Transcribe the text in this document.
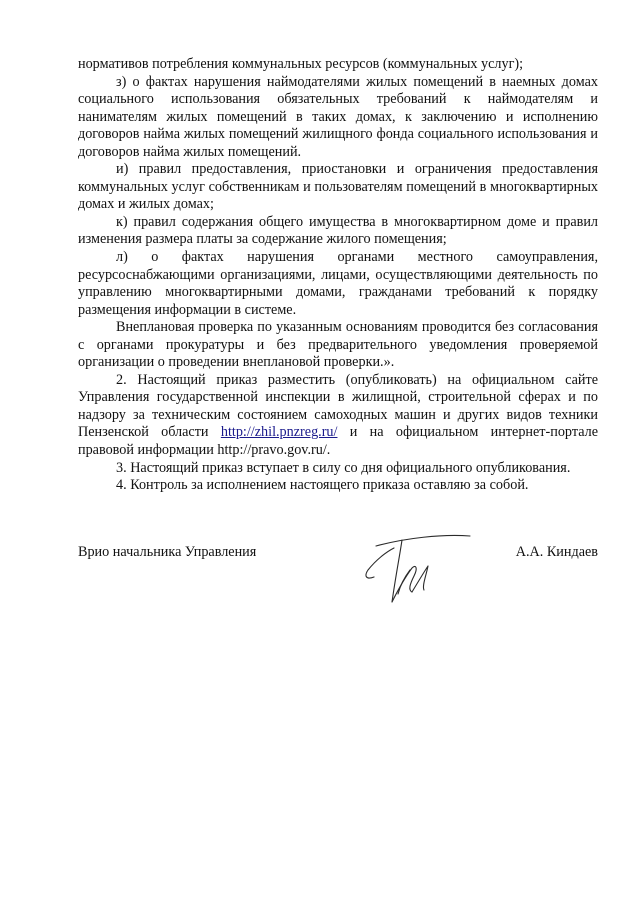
нормативов потребления коммунальных ресурсов (коммунальных услуг);

з) о фактах нарушения наймодателями жилых помещений в наемных домах социального использования обязательных требований к наймодателям и нанимателям жилых помещений в таких домах, к заключению и исполнению договоров найма жилых помещений жилищного фонда социального использования и договоров найма жилых помещений.

и) правил предоставления, приостановки и ограничения предоставления коммунальных услуг собственникам и пользователям помещений в многоквартирных домах и жилых домах;

к) правил содержания общего имущества в многоквартирном доме и правил изменения размера платы за содержание жилого помещения;

л) о фактах нарушения органами местного самоуправления, ресурсоснабжающими организациями, лицами, осуществляющими деятельность по управлению многоквартирными домами, гражданами требований к порядку размещения информации в системе.

Внеплановая проверка по указанным основаниям проводится без согласования с органами прокуратуры и без предварительного уведомления проверяемой организации о проведении внеплановой проверки.».

2. Настоящий приказ разместить (опубликовать) на официальном сайте Управления государственной инспекции в жилищной, строительной сферах и по надзору за техническим состоянием самоходных машин и других видов техники Пензенской области http://zhil.pnzreg.ru/ и на официальном интернет-портале правовой информации http://pravo.gov.ru/.

3. Настоящий приказ вступает в силу со дня официального опубликования.

4. Контроль за исполнением настоящего приказа оставляю за собой.

Врио начальника Управления	А.А. Киндаев
